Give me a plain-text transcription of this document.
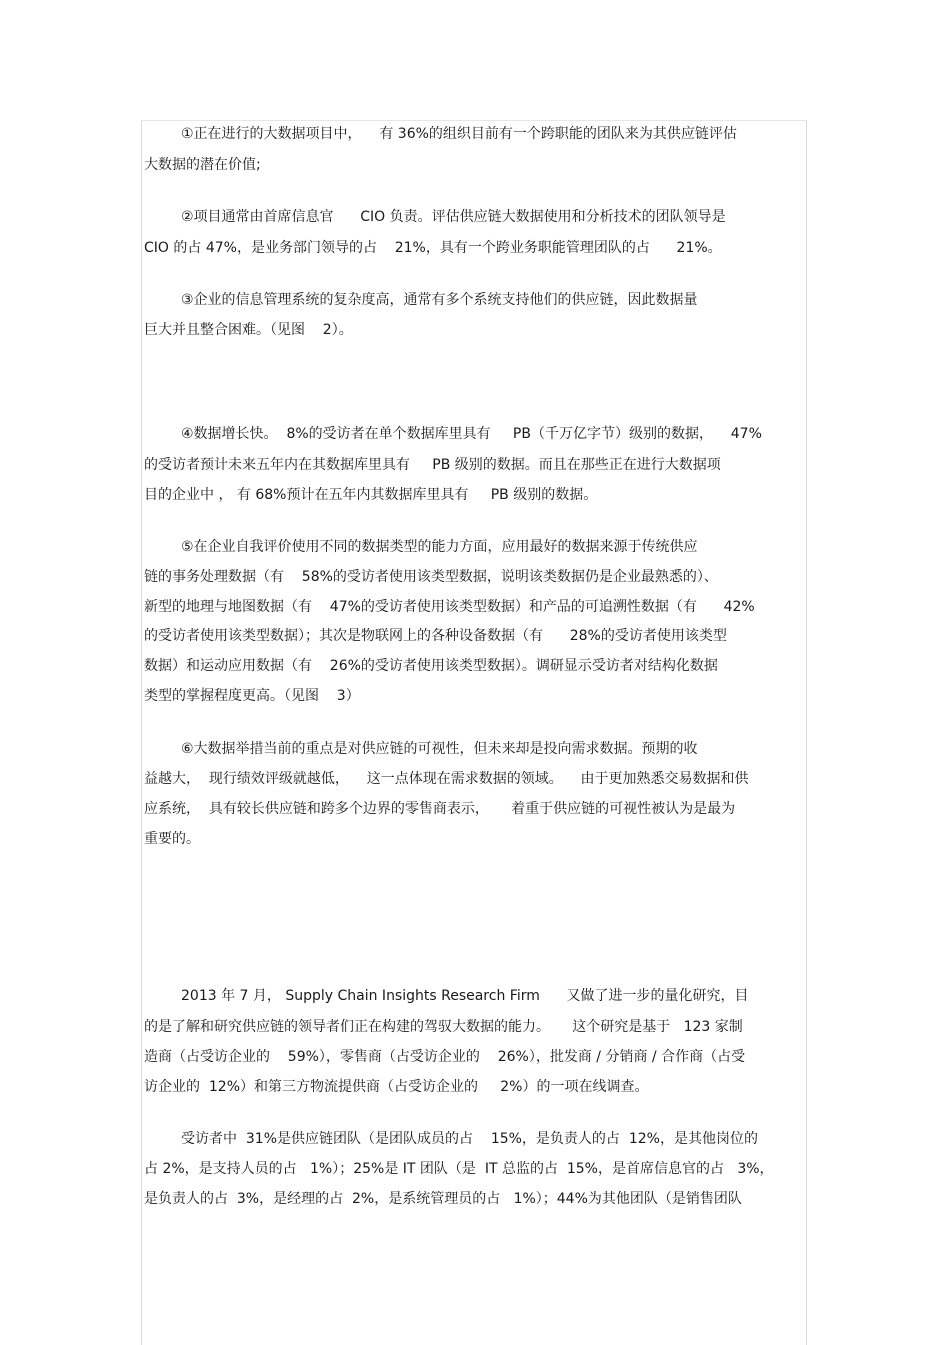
①正在进行的大数据项目中，    有 36%的组织目前有一个跨职能的团队来为其供应链评估
大数据的潜在价值;
②项目通常由首席信息官      CIO 负责。评估供应链大数据使用和分析技术的团队领导是
CIO 的占 47%，是业务部门领导的占    21%，具有一个跨业务职能管理团队的占      21%。
③企业的信息管理系统的复杂度高，通常有多个系统支持他们的供应链，因此数据量
巨大并且整合困难。（见图    2）。
④数据增长快。  8%的受访者在单个数据库里具有     PB（千万亿字节）级别的数据，    47%
的受访者预计未来五年内在其数据库里具有     PB 级别的数据。而且在那些正在进行大数据项
目的企业中 ， 有 68%预计在五年内其数据库里具有     PB 级别的数据。
⑤在企业自我评价使用不同的数据类型的能力方面，应用最好的数据来源于传统供应
链的事务处理数据（有    58%的受访者使用该类型数据，说明该类数据仍是企业最熟悉的）、
新型的地理与地图数据（有    47%的受访者使用该类型数据）和产品的可追溯性数据（有      42%
的受访者使用该类型数据）；其次是物联网上的各种设备数据（有      28%的受访者使用该类型
数据）和运动应用数据（有    26%的受访者使用该类型数据）。调研显示受访者对结构化数据
类型的掌握程度更高。（见图    3）
⑥大数据举措当前的重点是对供应链的可视性，但未来却是投向需求数据。预期的收
益越大，  现行绩效评级就越低，    这一点体现在需求数据的领域。    由于更加熟悉交易数据和供
应系统，  具有较长供应链和跨多个边界的零售商表示，     着重于供应链的可视性被认为是最为
重要的。
2013 年 7 月， Supply Chain Insights Research Firm      又做了进一步的量化研究，目
的是了解和研究供应链的领导者们正在构建的驾驭大数据的能力。     这个研究是基于   123 家制
造商（占受访企业的    59%），零售商（占受访企业的    26%），批发商 / 分销商 / 合作商（占受
访企业的  12%）和第三方物流提供商（占受访企业的     2%）的一项在线调查。
受访者中  31%是供应链团队（是团队成员的占    15%，是负责人的占  12%，是其他岗位的
占 2%，是支持人员的占   1%）；25%是 IT 团队（是  IT 总监的占  15%，是首席信息官的占   3%，
是负责人的占  3%，是经理的占  2%，是系统管理员的占   1%）；44%为其他团队（是销售团队
